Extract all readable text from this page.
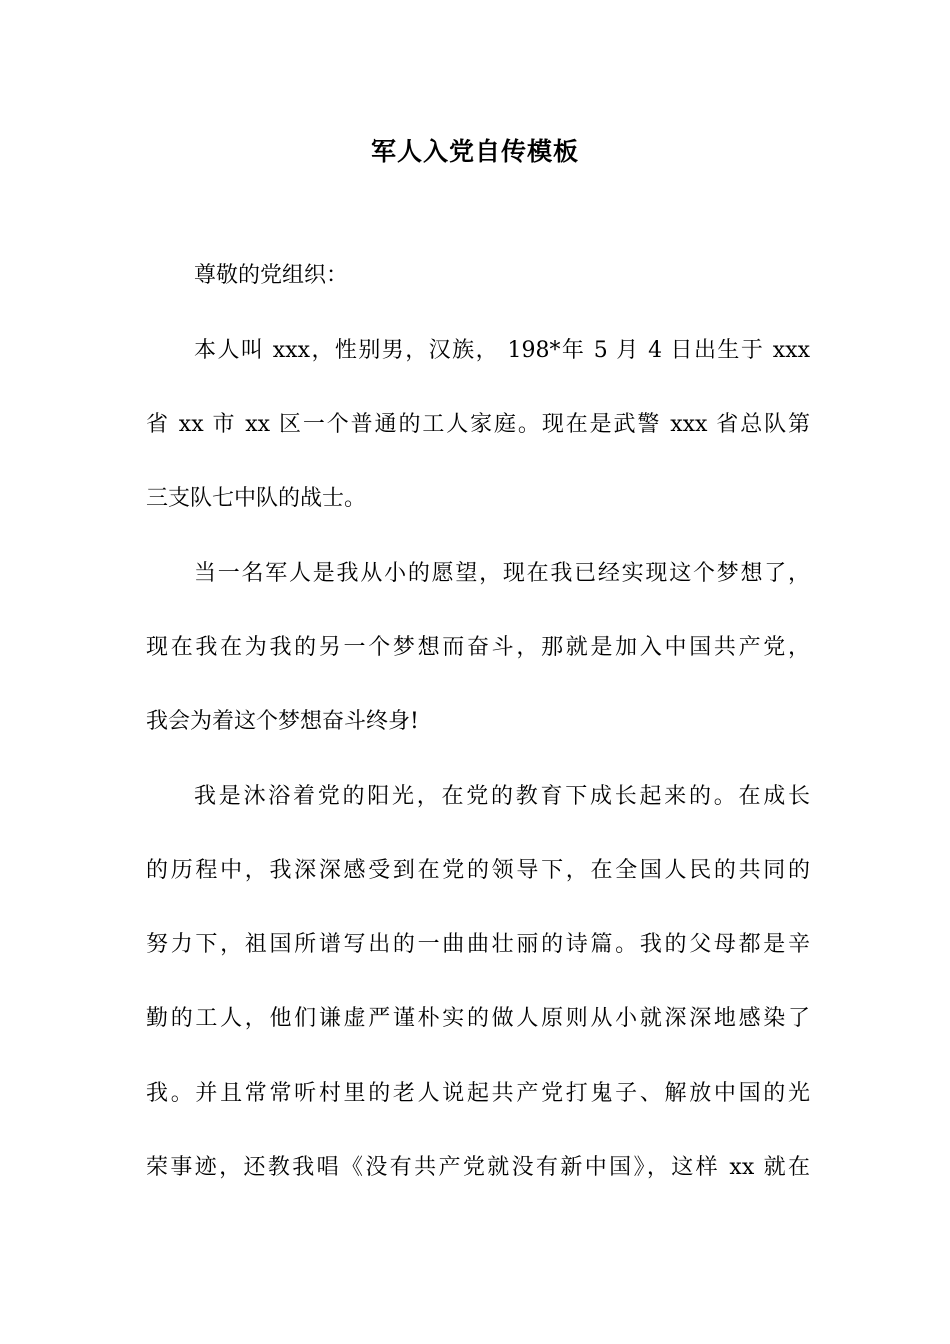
军人入党自传模板
尊敬的党组织：
本人叫 xxx，性别男，汉族， 198*年 5 月 4 日出生于 xxx
省 xx 市 xx 区一个普通的工人家庭。现在是武警 xxx 省总队第
三支队七中队的战士。
当一名军人是我从小的愿望，现在我已经实现这个梦想了，
现在我在为我的另一个梦想而奋斗，那就是加入中国共产党，
我会为着这个梦想奋斗终身!
我是沐浴着党的阳光，在党的教育下成长起来的。在成长
的历程中，我深深感受到在党的领导下，在全国人民的共同的
努力下，祖国所谱写出的一曲曲壮丽的诗篇。我的父母都是辛
勤的工人，他们谦虚严谨朴实的做人原则从小就深深地感染了
我。并且常常听村里的老人说起共产党打鬼子、解放中国的光
荣事迹，还教我唱《没有共产党就没有新中国》，这样 xx 就在
